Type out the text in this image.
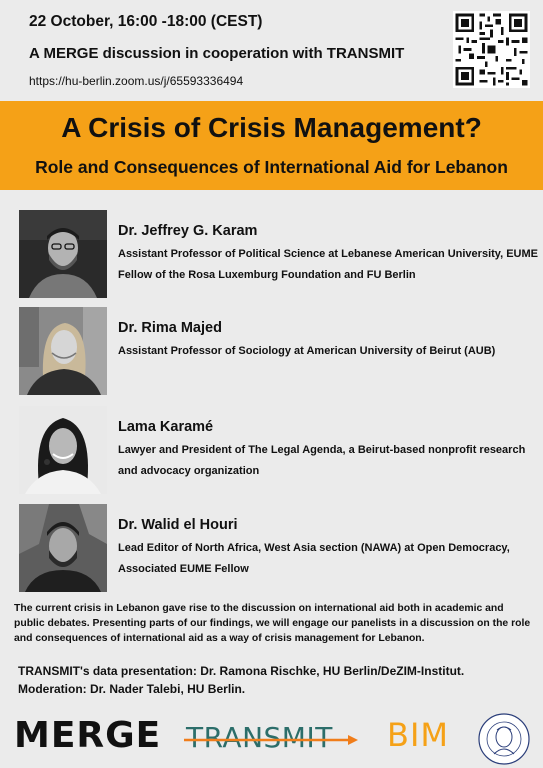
22 October, 16:00 -18:00 (CEST)
A MERGE discussion in cooperation with TRANSMIT
https://hu-berlin.zoom.us/j/65593336494
A Crisis of Crisis Management?
Role and Consequences of International Aid for Lebanon
Dr. Jeffrey G. Karam
Assistant Professor of Political Science at Lebanese American University, EUME Fellow of the Rosa Luxemburg Foundation and FU Berlin
Dr. Rima Majed
Assistant Professor of Sociology at American University of Beirut (AUB)
Lama Karamé
Lawyer and President of The Legal Agenda, a Beirut-based nonprofit research and advocacy organization
Dr. Walid el Houri
Lead Editor of North Africa, West Asia section (NAWA) at Open Democracy, Associated EUME Fellow
The current crisis in Lebanon gave rise to the discussion on international aid both in academic and public debates. Presenting parts of our findings, we will engage our panelists in a discussion on the role and consequences of international aid as a way of crisis management for Lebanon.
TRANSMIT's data presentation: Dr. Ramona Rischke, HU Berlin/DeZIM-Institut.
Moderation: Dr. Nader Talebi, HU Berlin.
MERGE TRANSMIT BIM
